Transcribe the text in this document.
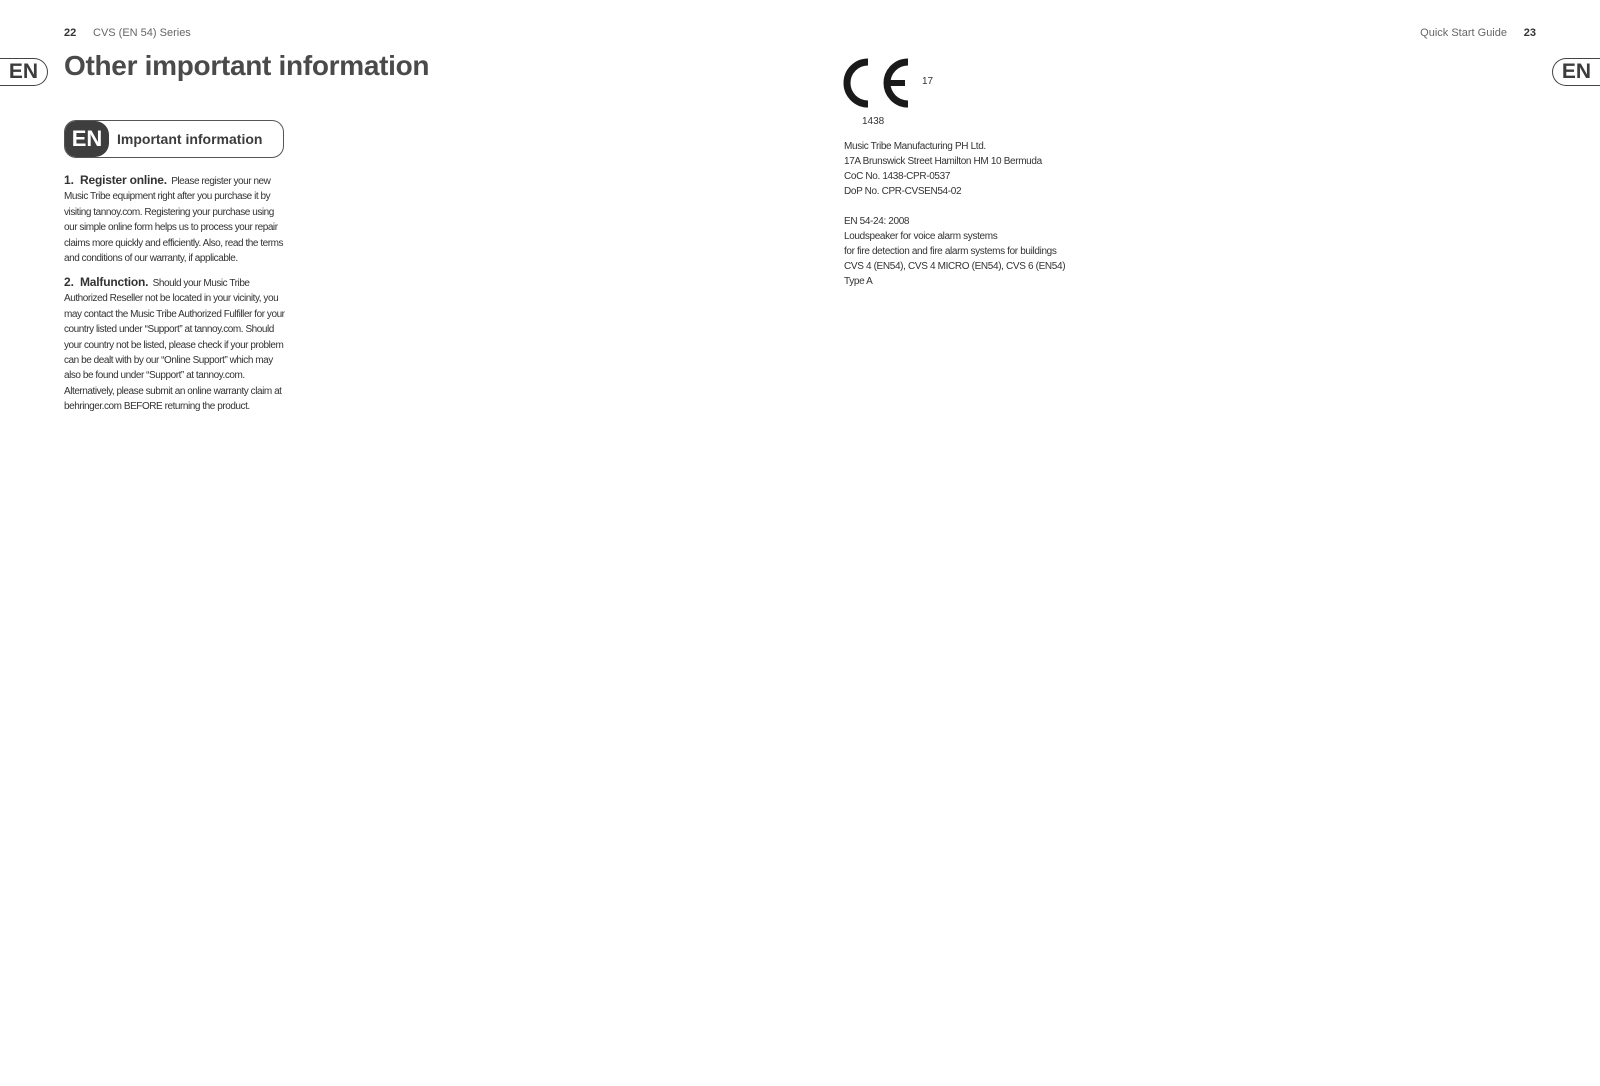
22 CVS (EN 54) Series	Quick Start Guide 23
EN	EN
Other important information
EN	Important information
1. Register online. Please register your new Music Tribe equipment right after you purchase it by visiting tannoy.com. Registering your purchase using our simple online form helps us to process your repair claims more quickly and efficiently. Also, read the terms and conditions of our warranty, if applicable.
2. Malfunction. Should your Music Tribe Authorized Reseller not be located in your vicinity, you may contact the Music Tribe Authorized Fulfiller for your country listed under “Support” at tannoy.com. Should your country not be listed, please check if your problem can be dealt with by our “Online Support” which may also be found under “Support” at tannoy.com. Alternatively, please submit an online warranty claim at behringer.com BEFORE returning the product.
17
1438
Music Tribe Manufacturing PH Ltd.
17A Brunswick Street Hamilton HM 10 Bermuda
CoC No. 1438-CPR-0537
DoP No. CPR-CVSEN54-02
EN 54-24: 2008
Loudspeaker for voice alarm systems
for fire detection and fire alarm systems for buildings
CVS 4 (EN54), CVS 4 MICRO (EN54), CVS 6 (EN54)
Type A
